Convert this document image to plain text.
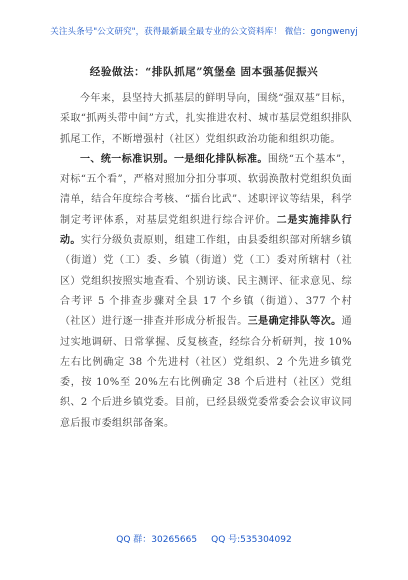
关注头条号"公文研究"，获得最新最全最专业的公文资料库！ 微信：gongwenyj
经验做法：“排队抓尾”筑堡垒 固本强基促振兴

今年来，县坚持大抓基层的鲜明导向，围绕“强双基”目标，采取“抓两头带中间”方式，扎实推进农村、城市基层党组织排队抓尾工作，不断增强村（社区）党组织政治功能和组织功能。

一、统一标准识别。一是细化排队标准。围绕“五个基本”，对标“五个看”，严格对照加分扣分事项、软弱涣散村党组织负面清单，结合年度综合考核、“擂台比武”、述职评议等结果，科学制定考评体系，对基层党组织进行综合评价。二是实施排队行动。实行分级负责原则，组建工作组，由县委组织部对所辖乡镇（街道）党（工）委、乡镇（街道）党（工）委对所辖村（社区）党组织按照实地查看、个别访谈、民主测评、征求意见、综合考评 5 个排查步骤对全县 17 个乡镇（街道）、377 个村（社区）进行逐一排查并形成分析报告。三是确定排队等次。通过实地调研、日常掌握、反复核查，经综合分析研判，按 10%左右比例确定 38 个先进村（社区）党组织、2 个先进乡镇党委，按 10%至 20%左右比例确定 38 个后进村（社区）党组织、2 个后进乡镇党委。目前，已经县级党委常委会会议审议同意后报市委组织部备案。

QQ 群：30265665 QQ 号:535304092
